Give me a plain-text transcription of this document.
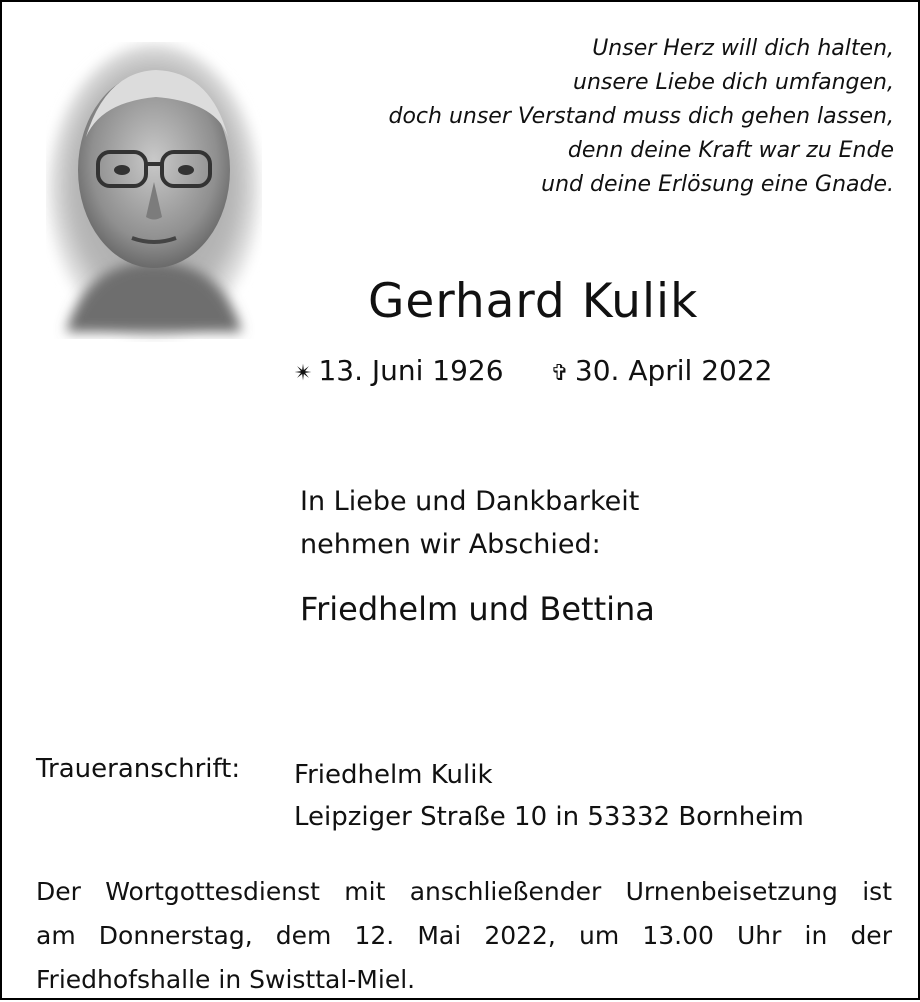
Unser Herz will dich halten,
unsere Liebe dich umfangen,
doch unser Verstand muss dich gehen lassen,
denn deine Kraft war zu Ende
und deine Erlösung eine Gnade.
Gerhard Kulik
✴ 13. Juni 1926 ✞ 30. April 2022
In Liebe und Dankbarkeit
nehmen wir Abschied:
Friedhelm und Bettina
Traueranschrift: Friedhelm Kulik
Leipziger Straße 10 in 53332 Bornheim
Der Wortgottesdienst mit anschließender Urnenbeisetzung ist
am Donnerstag, dem 12. Mai 2022, um 13.00 Uhr in der
Friedhofshalle in Swisttal-Miel.
